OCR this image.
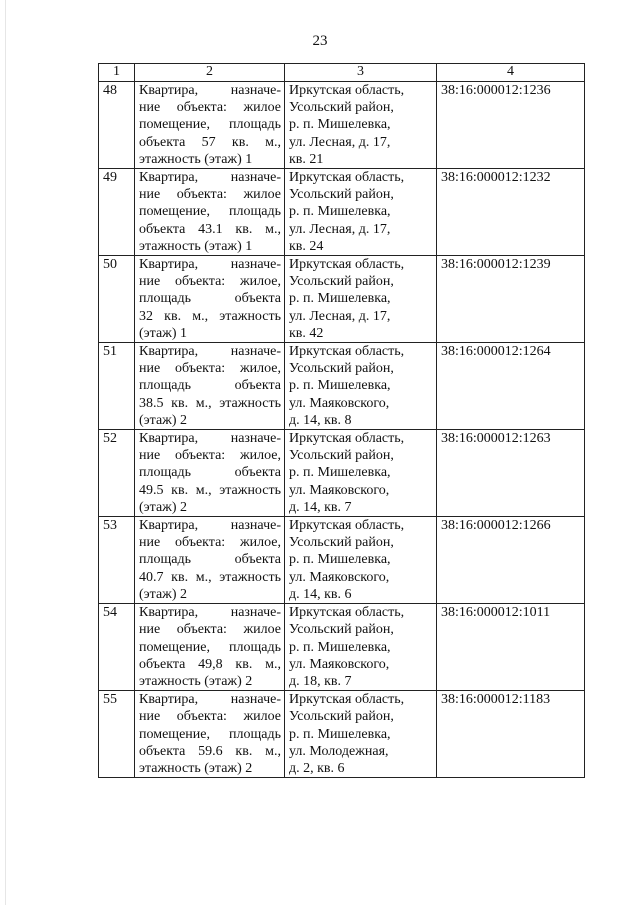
23
1	2	3	4
48	Квартира, назначе-
ние объекта: жилое
помещение, площадь
объекта 57 кв. м.,
этажность (этаж) 1	Иркутская область,
Усольский район,
р. п. Мишелевка,
ул. Лесная, д. 17,
кв. 21	38:16:000012:1236
49	Квартира, назначе-
ние объекта: жилое
помещение, площадь
объекта 43.1 кв. м.,
этажность (этаж) 1	Иркутская область,
Усольский район,
р. п. Мишелевка,
ул. Лесная, д. 17,
кв. 24	38:16:000012:1232
50	Квартира, назначе-
ние объекта: жилое,
площадь объекта
32 кв. м., этажность
(этаж) 1	Иркутская область,
Усольский район,
р. п. Мишелевка,
ул. Лесная, д. 17,
кв. 42	38:16:000012:1239
51	Квартира, назначе-
ние объекта: жилое,
площадь объекта
38.5 кв. м., этажность
(этаж) 2	Иркутская область,
Усольский район,
р. п. Мишелевка,
ул. Маяковского,
д. 14, кв. 8	38:16:000012:1264
52	Квартира, назначе-
ние объекта: жилое,
площадь объекта
49.5 кв. м., этажность
(этаж) 2	Иркутская область,
Усольский район,
р. п. Мишелевка,
ул. Маяковского,
д. 14, кв. 7	38:16:000012:1263
53	Квартира, назначе-
ние объекта: жилое,
площадь объекта
40.7 кв. м., этажность
(этаж) 2	Иркутская область,
Усольский район,
р. п. Мишелевка,
ул. Маяковского,
д. 14, кв. 6	38:16:000012:1266
54	Квартира, назначе-
ние объекта: жилое
помещение, площадь
объекта 49,8 кв. м.,
этажность (этаж) 2	Иркутская область,
Усольский район,
р. п. Мишелевка,
ул. Маяковского,
д. 18, кв. 7	38:16:000012:1011
55	Квартира, назначе-
ние объекта: жилое
помещение, площадь
объекта 59.6 кв. м.,
этажность (этаж) 2	Иркутская область,
Усольский район,
р. п. Мишелевка,
ул. Молодежная,
д. 2, кв. 6	38:16:000012:1183
